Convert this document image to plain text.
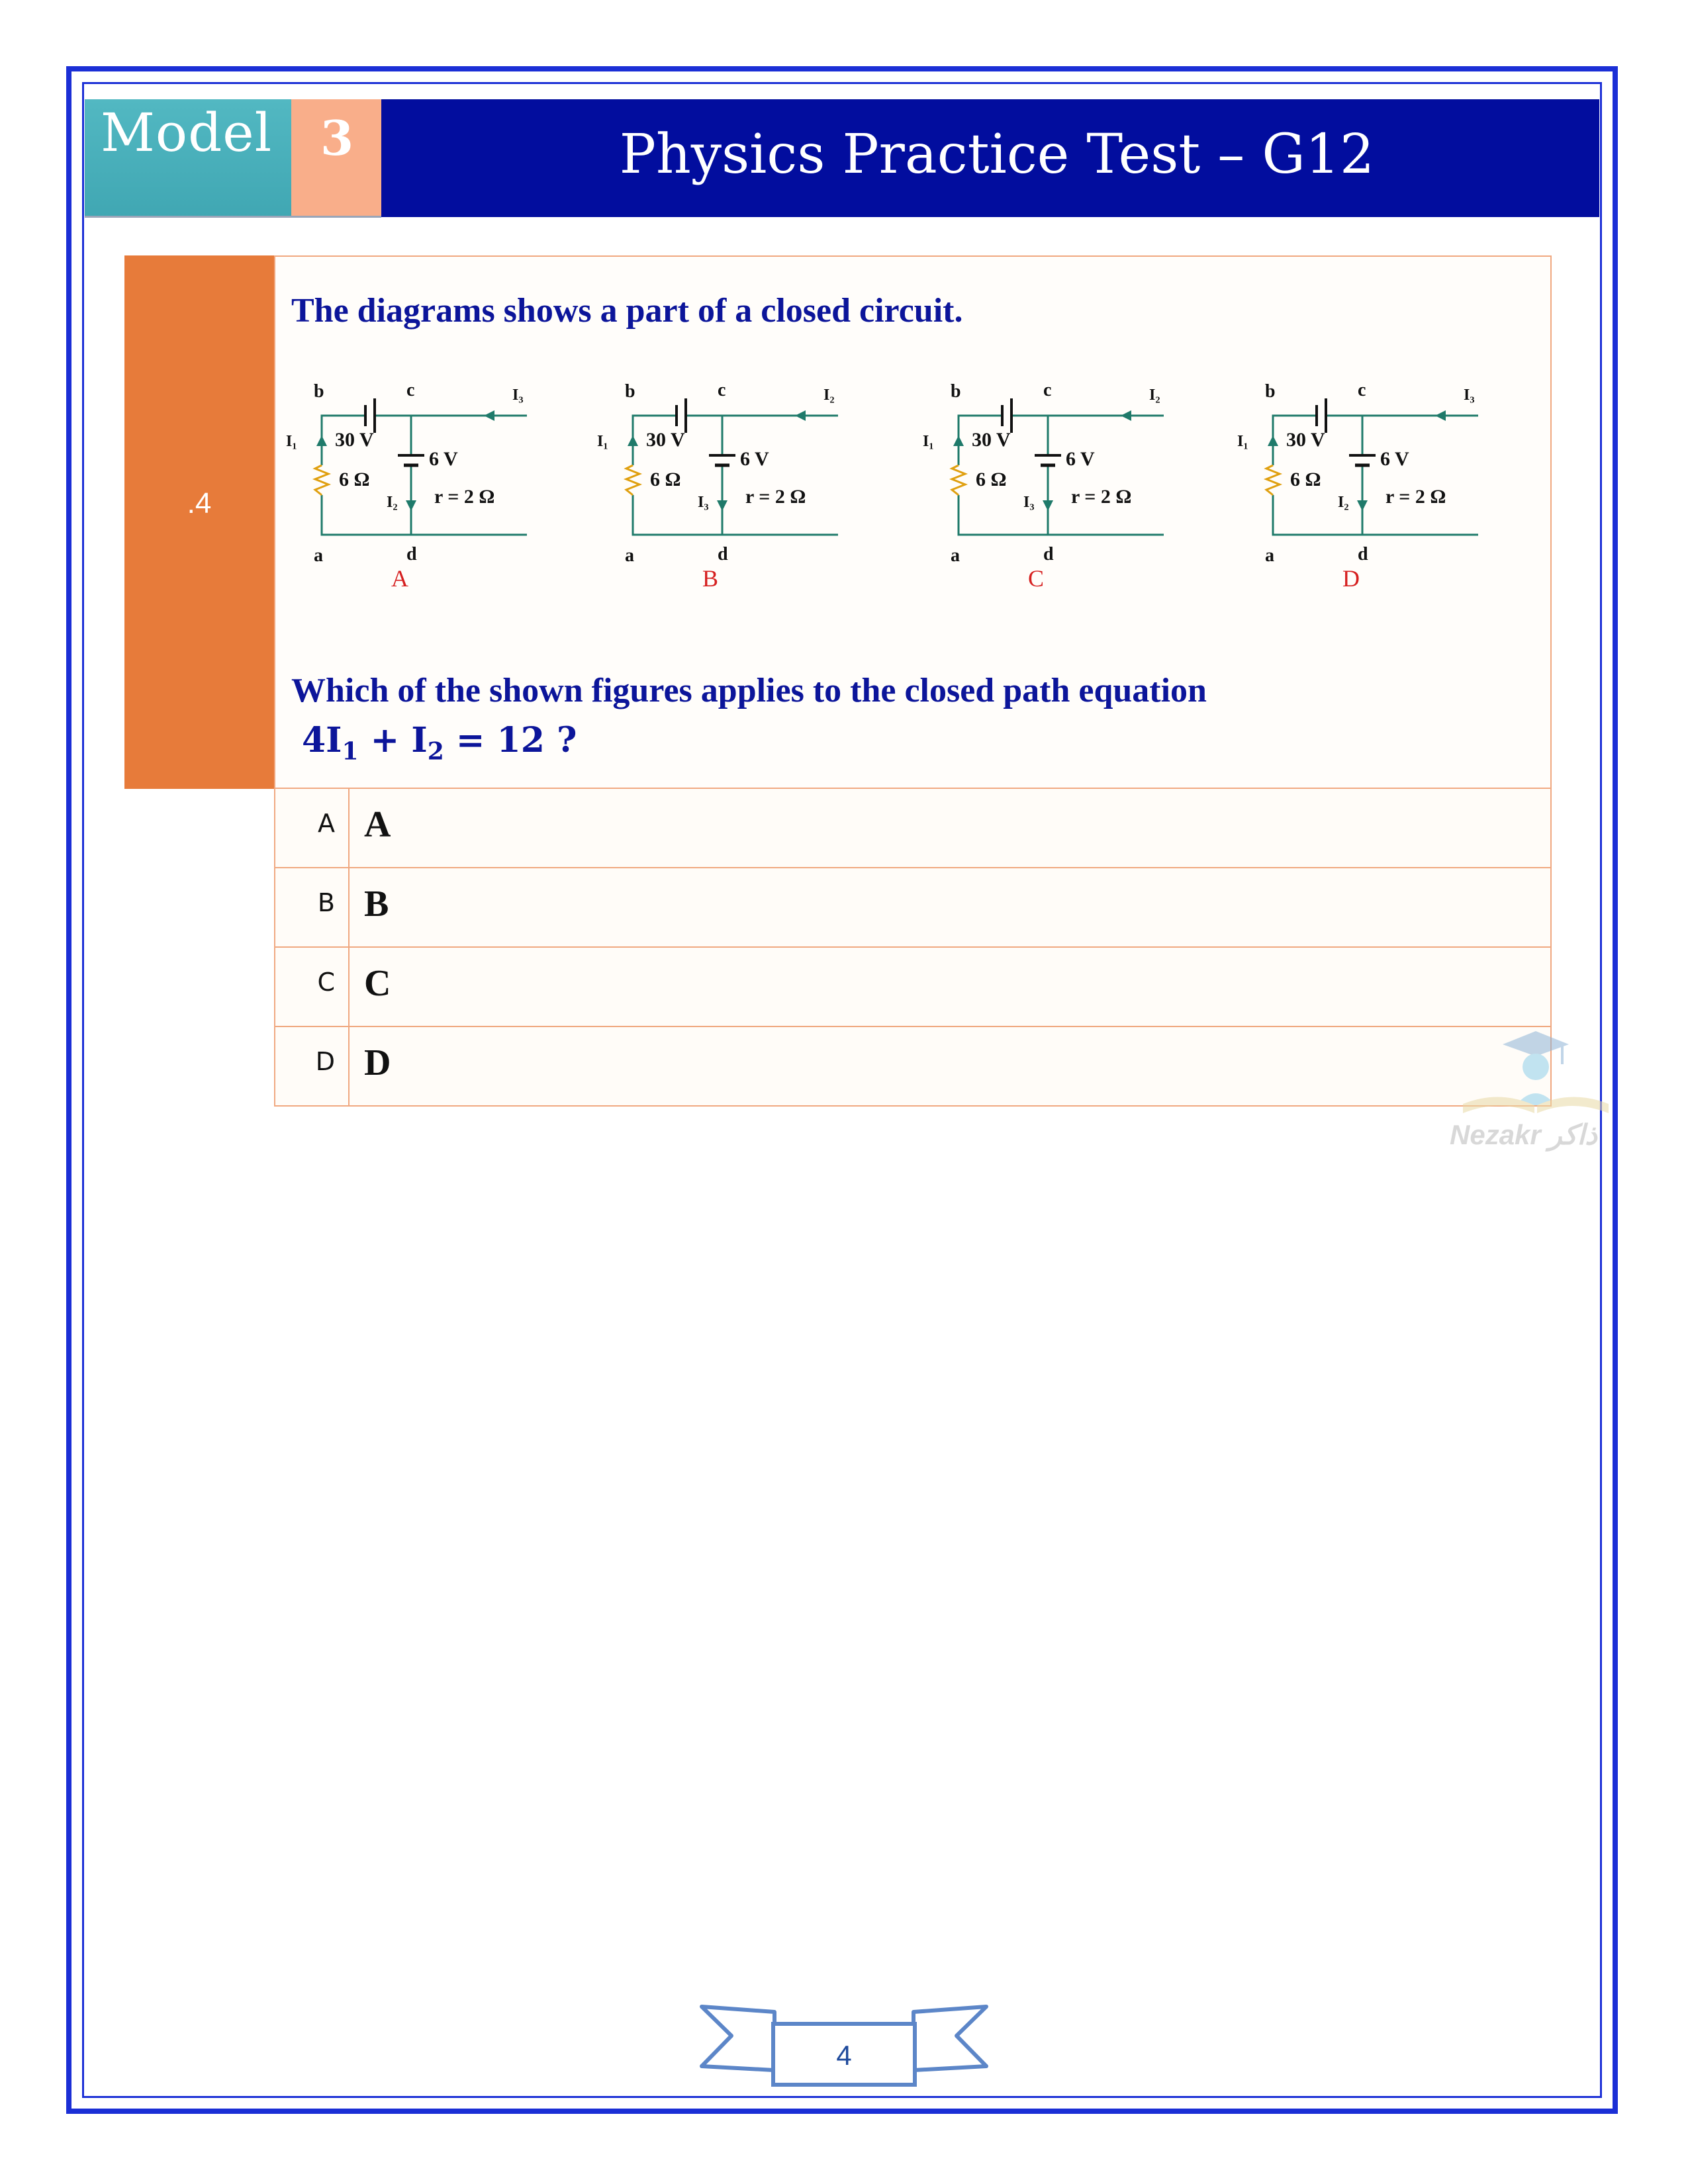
Model 3	Physics Practice Test – G12
.4
The diagrams shows a part of a closed circuit.
b	c
a	d
I₁
I₃
I₂
30 V
6 V
6 Ω
r = 2 Ω
A
b	c
a	d
I₁
I₂
I₃
30 V
6 V
6 Ω
r = 2 Ω
B
b	c
a	d
I₁
I₂
I₃
30 V
6 V
6 Ω
r = 2 Ω
C
b	c
a	d
I₁
I₃
I₂
30 V
6 V
6 Ω
r = 2 Ω
D
Which of the shown figures applies to the closed path equation
$4I_1 + I_2 = 12$ ?
A A
B B
C C
D D
Nezakr ذاكر
4
